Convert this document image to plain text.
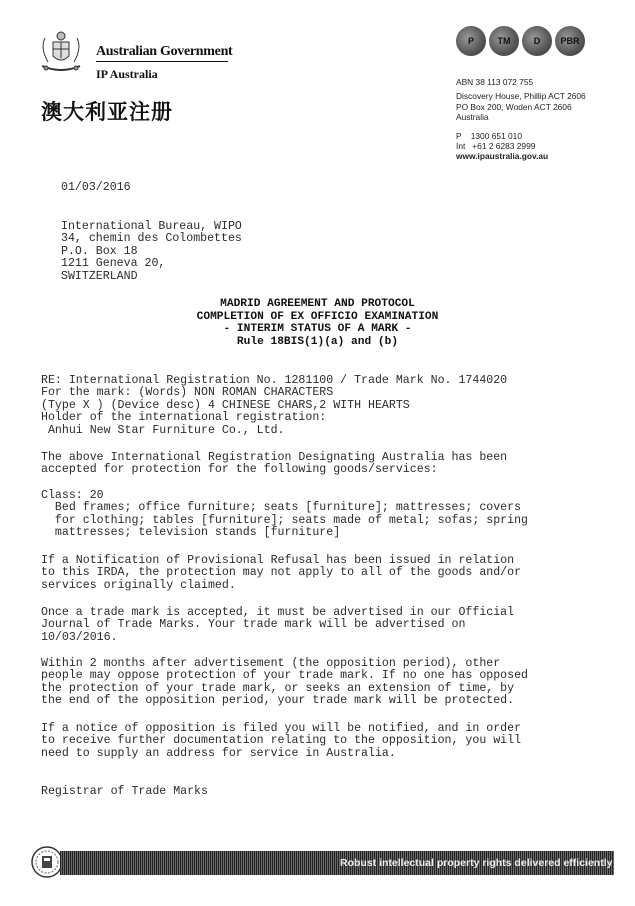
Australian Government
IP Australia
澳大利亚注册
P	TM	D	PBR
ABN 38 113 072 755
Discovery House, Phillip ACT 2606
PO Box 200, Woden ACT 2606
Australia
P    1300 651 010
Int   +61 2 6283 2999
www.ipaustralia.gov.au
01/03/2016

International Bureau, WIPO
34, chemin des Colombettes
P.O. Box 18
1211 Geneva 20,
SWITZERLAND
MADRID AGREEMENT AND PROTOCOL
COMPLETION OF EX OFFICIO EXAMINATION
- INTERIM STATUS OF A MARK -
Rule 18BIS(1)(a) and (b)

RE: International Registration No. 1281100 / Trade Mark No. 1744020
For the mark: (Words) NON ROMAN CHARACTERS
(Type X ) (Device desc) 4 CHINESE CHARS,2 WITH HEARTS
Holder of the international registration:
Anhui New Star Furniture Co., Ltd.

The above International Registration Designating Australia has been
accepted for protection for the following goods/services:

Class: 20
Bed frames; office furniture; seats [furniture]; mattresses; covers
for clothing; tables [furniture]; seats made of metal; sofas; spring
mattresses; television stands [furniture]

If a Notification of Provisional Refusal has been issued in relation
to this IRDA, the protection may not apply to all of the goods and/or
services originally claimed.

Once a trade mark is accepted, it must be advertised in our Official
Journal of Trade Marks. Your trade mark will be advertised on
10/03/2016.

Within 2 months after advertisement (the opposition period), other
people may oppose protection of your trade mark. If no one has opposed
the protection of your trade mark, or seeks an extension of time, by
the end of the opposition period, your trade mark will be protected.

If a notice of opposition is filed you will be notified, and in order
to receive further documentation relating to the opposition, you will
need to supply an address for service in Australia.
Registrar of Trade Marks
Robust intellectual property rights delivered efficiently
